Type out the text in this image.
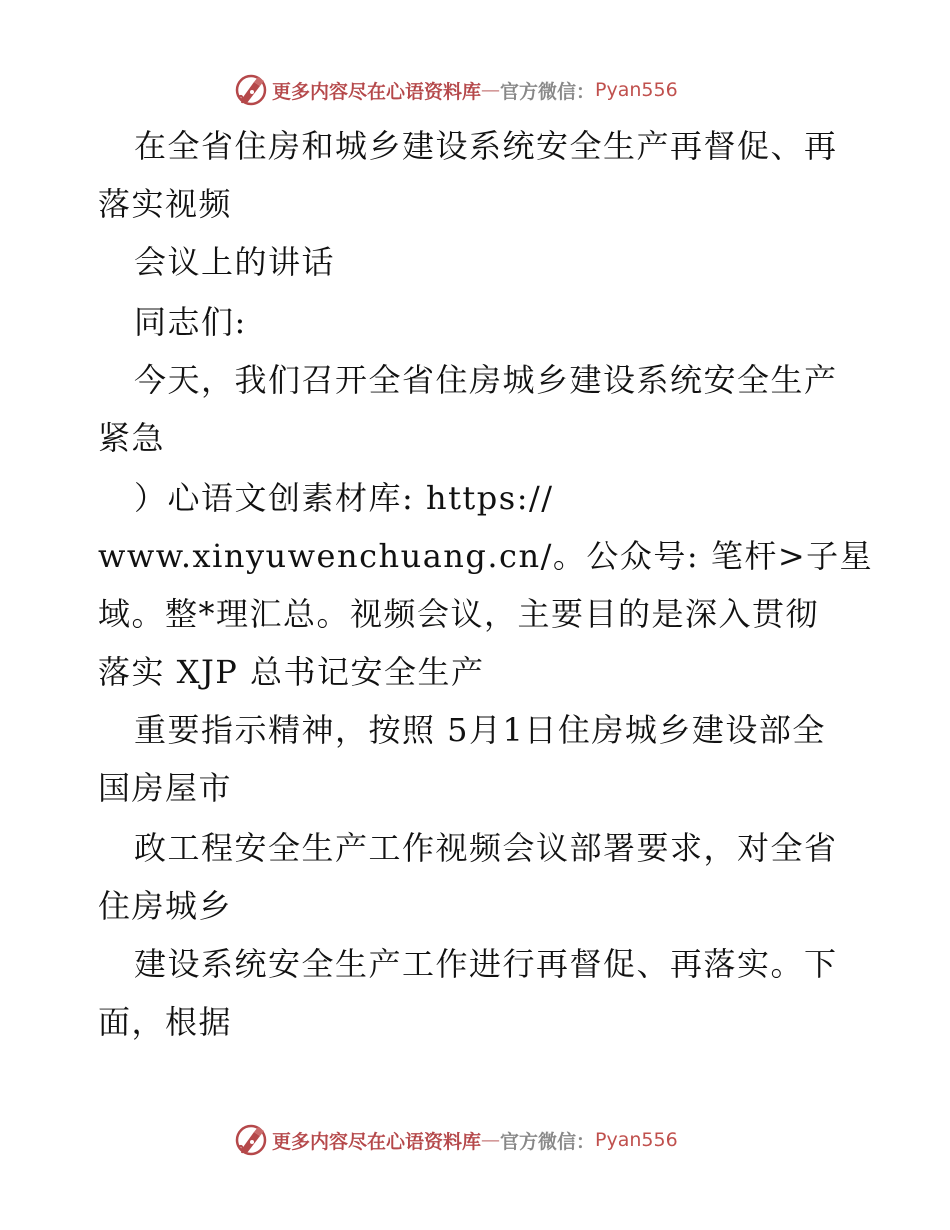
更多内容尽在心语资料库 — 官方微信： Pyan556
在全省住房和城乡建设系统安全生产再督促、再
落实视频
会议上的讲话
同志们:
今天，我们召开全省住房城乡建设系统安全生产
紧急
）心语文创素材库: https://
www.xinyuwenchuang.cn/。公众号: 笔杆>子星
域。整*理汇总。视频会议，主要目的是深入贯彻
落实 XJP 总书记安全生产
重要指示精神，按照 5月1日住房城乡建设部全
国房屋市
政工程安全生产工作视频会议部署要求，对全省
住房城乡
建设系统安全生产工作进行再督促、再落实。下
面，根据
更多内容尽在心语资料库 — 官方微信： Pyan556
